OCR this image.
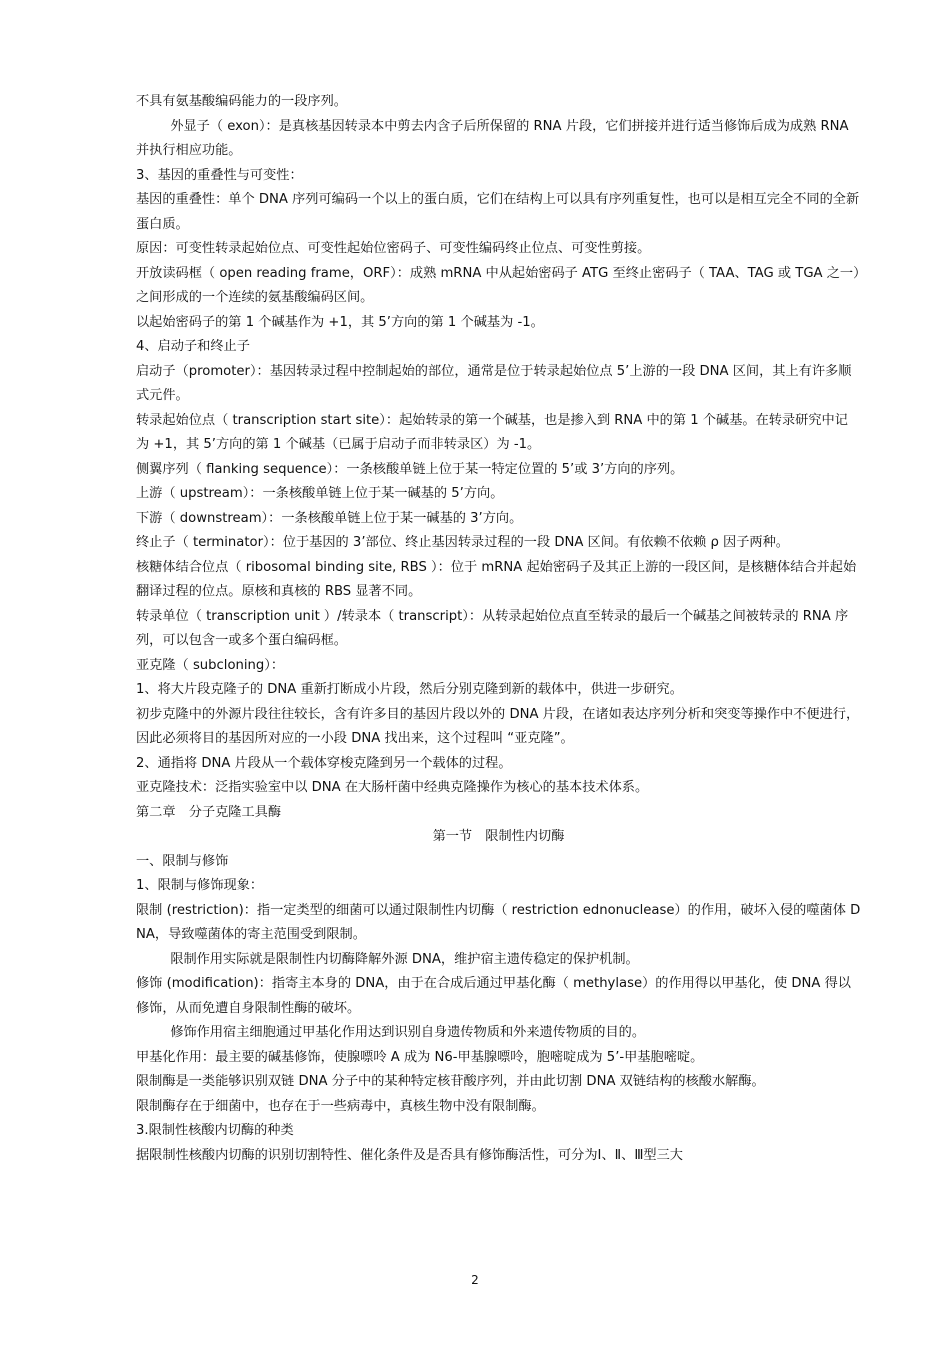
不具有氨基酸编码能力的一段序列。

外显子（ exon）：是真核基因转录本中剪去内含子后所保留的 RNA 片段，它们拼接并进行适当修饰后成为成熟 RNA 并执行相应功能。

3、基因的重叠性与可变性：

基因的重叠性：单个 DNA 序列可编码一个以上的蛋白质，它们在结构上可以具有序列重复性，也可以是相互完全不同的全新蛋白质。

原因：可变性转录起始位点、可变性起始位密码子、可变性编码终止位点、可变性剪接。

开放读码框（ open reading frame，ORF）：成熟 mRNA 中从起始密码子 ATG 至终止密码子（ TAA、TAG 或 TGA 之一）之间形成的一个连续的氨基酸编码区间。

以起始密码子的第 1 个碱基作为 +1，其 5’方向的第 1 个碱基为 -1。

4、启动子和终止子

启动子（promoter）：基因转录过程中控制起始的部位，通常是位于转录起始位点 5’上游的一段 DNA 区间，其上有许多顺式元件。

转录起始位点（ transcription start site）：起始转录的第一个碱基，也是掺入到 RNA 中的第 1 个碱基。在转录研究中记为 +1，其 5’方向的第 1 个碱基（已属于启动子而非转录区）为 -1。

侧翼序列（ flanking sequence）：一条核酸单链上位于某一特定位置的 5’或 3’方向的序列。

上游（ upstream）：一条核酸单链上位于某一碱基的 5’方向。

下游（ downstream）：一条核酸单链上位于某一碱基的 3’方向。

终止子（ terminator）：位于基因的 3’部位、终止基因转录过程的一段 DNA 区间。有依赖不依赖 ρ 因子两种。

核糖体结合位点（ ribosomal binding site, RBS ）：位于 mRNA 起始密码子及其正上游的一段区间，是核糖体结合并起始翻译过程的位点。原核和真核的 RBS 显著不同。

转录单位（ transcription unit ）/转录本（ transcript）：从转录起始位点直至转录的最后一个碱基之间被转录的 RNA 序列，可以包含一或多个蛋白编码框。

亚克隆（ subcloning）：

1、将大片段克隆子的 DNA 重新打断成小片段，然后分别克隆到新的载体中，供进一步研究。

初步克隆中的外源片段往往较长，含有许多目的基因片段以外的 DNA 片段，在诸如表达序列分析和突变等操作中不便进行，因此必须将目的基因所对应的一小段 DNA 找出来，这个过程叫 “亚克隆”。

2、通指将 DNA 片段从一个载体穿梭克隆到另一个载体的过程。

亚克隆技术：泛指实验室中以 DNA 在大肠杆菌中经典克隆操作为核心的基本技术体系。

第二章　分子克隆工具酶

第一节　限制性内切酶

一、限制与修饰

1、限制与修饰现象：

限制 (restriction)：指一定类型的细菌可以通过限制性内切酶（ restriction ednonuclease）的作用，破坏入侵的噬菌体 DNA，导致噬菌体的寄主范围受到限制。

限制作用实际就是限制性内切酶降解外源 DNA，维护宿主遗传稳定的保护机制。

修饰 (modification)：指寄主本身的 DNA，由于在合成后通过甲基化酶（ methylase）的作用得以甲基化，使 DNA 得以修饰，从而免遭自身限制性酶的破坏。

修饰作用宿主细胞通过甲基化作用达到识别自身遗传物质和外来遗传物质的目的。

甲基化作用：最主要的碱基修饰，使腺嘌呤 A 成为 N6-甲基腺嘌呤，胞嘧啶成为 5’-甲基胞嘧啶。

限制酶是一类能够识别双链 DNA 分子中的某种特定核苷酸序列，并由此切割 DNA 双链结构的核酸水解酶。

限制酶存在于细菌中，也存在于一些病毒中，真核生物中没有限制酶。

3.限制性核酸内切酶的种类

据限制性核酸内切酶的识别切割特性、催化条件及是否具有修饰酶活性，可分为Ⅰ、Ⅱ、Ⅲ型三大

2
